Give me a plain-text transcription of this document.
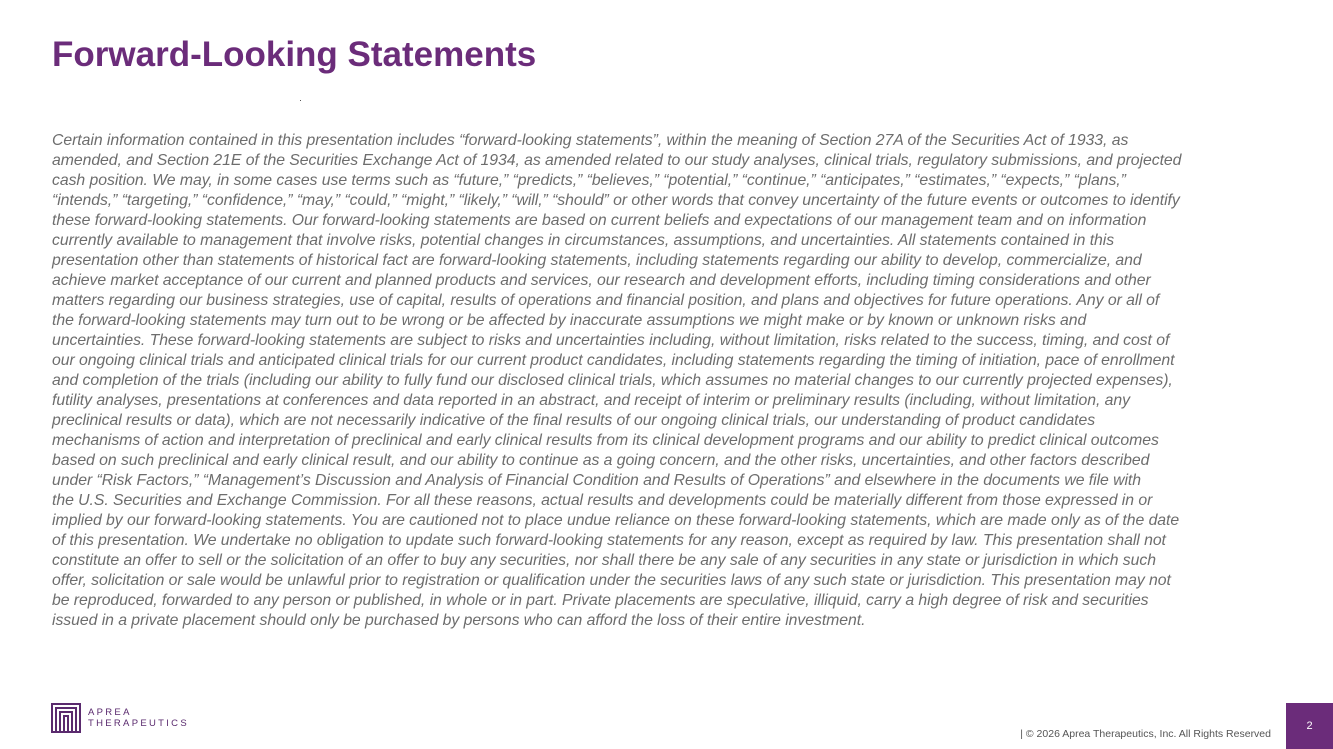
Forward-Looking Statements
Certain information contained in this presentation includes “forward-looking statements”, within the meaning of Section 27A of the Securities Act of 1933, as
amended, and Section 21E of the Securities Exchange Act of 1934, as amended related to our study analyses, clinical trials, regulatory submissions, and projected
cash position. We may, in some cases use terms such as “future,” “predicts,” “believes,” “potential,” “continue,” “anticipates,” “estimates,” “expects,” “plans,”
“intends,” “targeting,” “confidence,” “may,” “could,” “might,” “likely,” “will,” “should” or other words that convey uncertainty of the future events or outcomes to identify
these forward-looking statements. Our forward-looking statements are based on current beliefs and expectations of our management team and on information
currently available to management that involve risks, potential changes in circumstances, assumptions, and uncertainties. All statements contained in this
presentation other than statements of historical fact are forward-looking statements, including statements regarding our ability to develop, commercialize, and
achieve market acceptance of our current and planned products and services, our research and development efforts, including timing considerations and other
matters regarding our business strategies, use of capital, results of operations and financial position, and plans and objectives for future operations. Any or all of
the forward-looking statements may turn out to be wrong or be affected by inaccurate assumptions we might make or by known or unknown risks and
uncertainties. These forward-looking statements are subject to risks and uncertainties including, without limitation, risks related to the success, timing, and cost of
our ongoing clinical trials and anticipated clinical trials for our current product candidates, including statements regarding the timing of initiation, pace of enrollment
and completion of the trials (including our ability to fully fund our disclosed clinical trials, which assumes no material changes to our currently projected expenses),
futility analyses, presentations at conferences and data reported in an abstract, and receipt of interim or preliminary results (including, without limitation, any
preclinical results or data), which are not necessarily indicative of the final results of our ongoing clinical trials, our understanding of product candidates
mechanisms of action and interpretation of preclinical and early clinical results from its clinical development programs and our ability to predict clinical outcomes
based on such preclinical and early clinical result, and our ability to continue as a going concern, and the other risks, uncertainties, and other factors described
under “Risk Factors,” “Management’s Discussion and Analysis of Financial Condition and Results of Operations” and elsewhere in the documents we file with
the U.S. Securities and Exchange Commission. For all these reasons, actual results and developments could be materially different from those expressed in or
implied by our forward-looking statements. You are cautioned not to place undue reliance on these forward-looking statements, which are made only as of the date
of this presentation. We undertake no obligation to update such forward-looking statements for any reason, except as required by law. This presentation shall not
constitute an offer to sell or the solicitation of an offer to buy any securities, nor shall there be any sale of any securities in any state or jurisdiction in which such
offer, solicitation or sale would be unlawful prior to registration or qualification under the securities laws of any such state or jurisdiction. This presentation may not
be reproduced, forwarded to any person or published, in whole or in part. Private placements are speculative, illiquid, carry a high degree of risk and securities
issued in a private placement should only be purchased by persons who can afford the loss of their entire investment.
APREA
THERAPEUTICS
| © 2026 Aprea Therapeutics, Inc. All Rights Reserved
2
